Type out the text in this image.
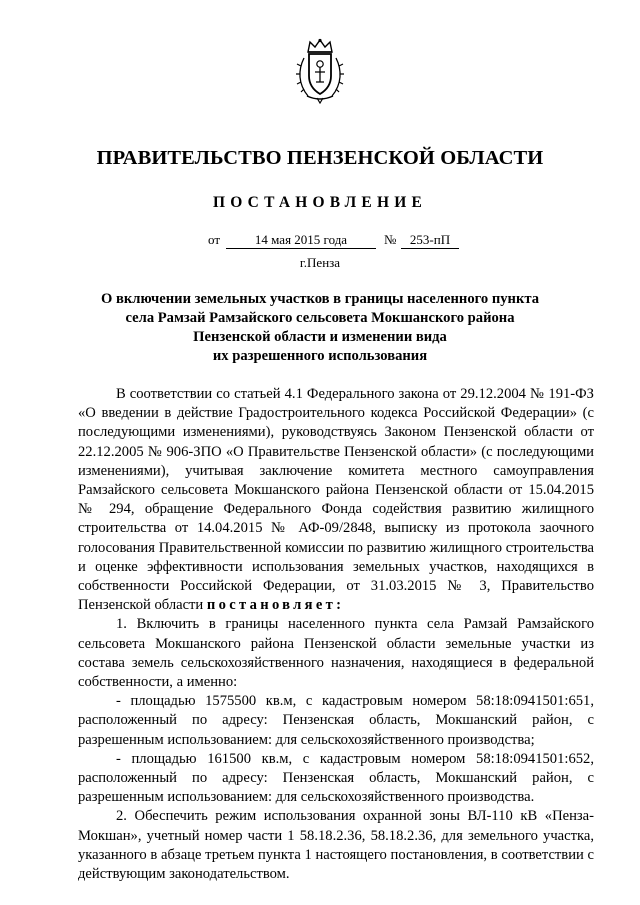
ПРАВИТЕЛЬСТВО ПЕНЗЕНСКОЙ ОБЛАСТИ
ПОСТАНОВЛЕНИЕ
от	14 мая 2015 года	№	253-пП
г.Пенза
О включении земельных участков в границы населенного пункта
села Рамзай Рамзайского сельсовета Мокшанского района
Пензенской области и изменении вида
их разрешенного использования

В соответствии со статьей 4.1 Федерального закона от 29.12.2004 № 191-ФЗ «О введении в действие Градостроительного кодекса Российской Федерации» (с последующими изменениями), руководствуясь Законом Пензенской области от 22.12.2005 № 906-ЗПО «О Правительстве Пензенской области» (с последующими изменениями), учитывая заключение комитета местного самоуправления Рамзайского сельсовета Мокшанского района Пензенской области от 15.04.2015 № 294, обращение Федерального Фонда содействия развитию жилищного строительства от 14.04.2015 № АФ-09/2848, выписку из протокола заочного голосования Правительственной комиссии по развитию жилищного строительства и оценке эффективности использования земельных участков, находящихся в собственности Российской Федерации, от 31.03.2015 № 3, Правительство Пензенской области постановляет:

1. Включить в границы населенного пункта села Рамзай Рамзайского сельсовета Мокшанского района Пензенской области земельные участки из состава земель сельскохозяйственного назначения, находящиеся в федеральной собственности, а именно:

- площадью 1575500 кв.м, с кадастровым номером 58:18:0941501:651, расположенный по адресу: Пензенская область, Мокшанский район, с разрешенным использованием: для сельскохозяйственного производства;

- площадью 161500 кв.м, с кадастровым номером 58:18:0941501:652, расположенный по адресу: Пензенская область, Мокшанский район, с разрешенным использованием: для сельскохозяйственного производства.

2. Обеспечить режим использования охранной зоны ВЛ-110 кВ «Пенза-Мокшан», учетный номер части 1 58.18.2.36, 58.18.2.36, для земельного участка, указанного в абзаце третьем пункта 1 настоящего постановления, в соответствии с действующим законодательством.
